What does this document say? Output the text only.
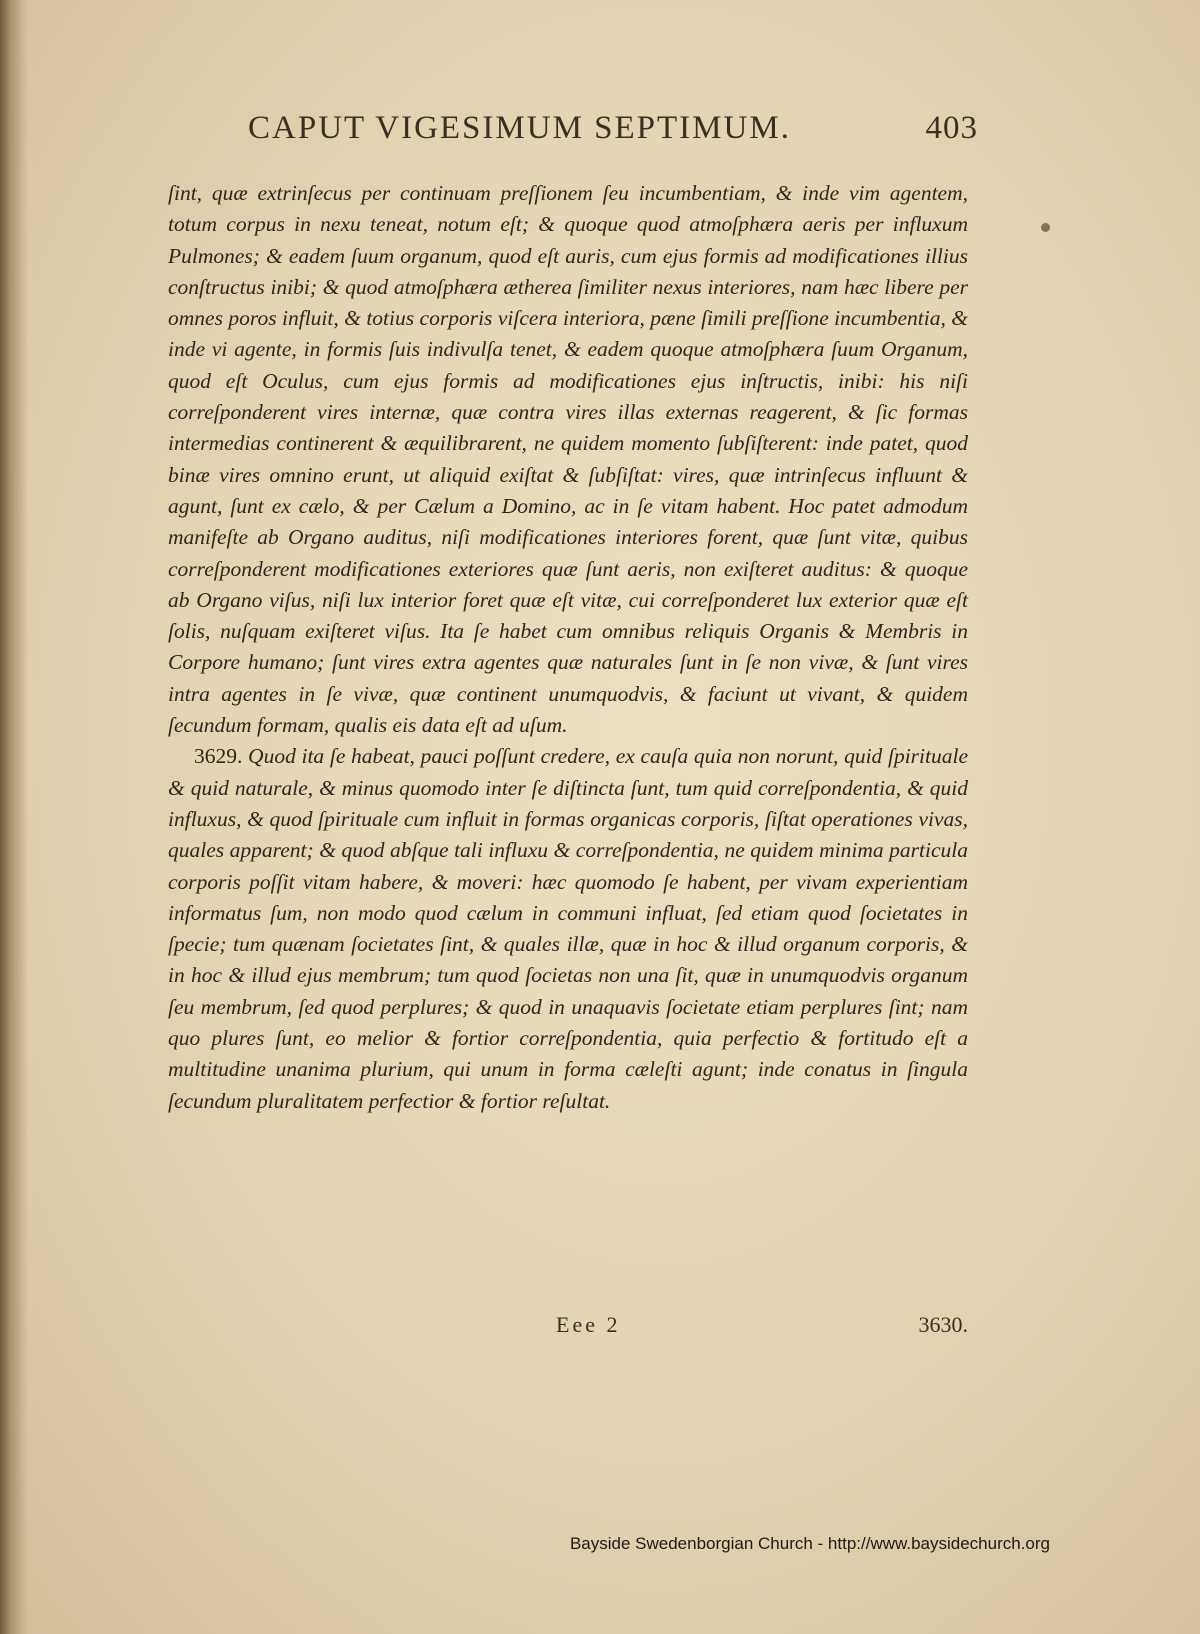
CAPUT VIGESIMUM SEPTIMUM.	403

ſint, quæ extrinſecus per continuam preſſionem ſeu incumbentiam, & inde vim agentem, totum corpus in nexu teneat, notum eſt; & quoque quod atmoſphæra aeris per influxum Pulmones; & eadem ſuum organum, quod eſt auris, cum ejus formis ad modificationes illius conſtructus inibi; & quod atmoſphæra ætherea ſimiliter nexus interiores, nam hæc libere per omnes poros influit, & totius corporis viſcera interiora, pæne ſimili preſſione incumbentia, & inde vi agente, in formis ſuis indivulſa tenet, & eadem quoque atmoſphæra ſuum Organum, quod eſt Oculus, cum ejus formis ad modificationes ejus inſtructis, inibi: his niſi correſponderent vires internæ, quæ contra vires illas externas reagerent, & ſic formas intermedias continerent & æquilibrarent, ne quidem momento ſubſiſterent: inde patet, quod binæ vires omnino erunt, ut aliquid exiſtat & ſubſiſtat: vires, quæ intrinſecus influunt & agunt, ſunt ex cælo, & per Cælum a Domino, ac in ſe vitam habent. Hoc patet admodum manifeſte ab Organo auditus, niſi modificationes interiores forent, quæ ſunt vitæ, quibus correſponderent modificationes exteriores quæ ſunt aeris, non exiſteret auditus: & quoque ab Organo viſus, niſi lux interior foret quæ eſt vitæ, cui correſponderet lux exterior quæ eſt ſolis, nuſquam exiſteret viſus. Ita ſe habet cum omnibus reliquis Organis & Membris in Corpore humano; ſunt vires extra agentes quæ naturales ſunt in ſe non vivæ, & ſunt vires intra agentes in ſe vivæ, quæ continent unumquodvis, & faciunt ut vivant, & quidem ſecundum formam, qualis eis data eſt ad uſum.

3629. Quod ita ſe habeat, pauci poſſunt credere, ex cauſa quia non norunt, quid ſpirituale & quid naturale, & minus quomodo inter ſe diſtincta ſunt, tum quid correſpondentia, & quid influxus, & quod ſpirituale cum influit in formas organicas corporis, ſiſtat operationes vivas, quales apparent; & quod abſque tali influxu & correſpondentia, ne quidem minima particula corporis poſſit vitam habere, & moveri: hæc quomodo ſe habent, per vivam experientiam informatus ſum, non modo quod cælum in communi influat, ſed etiam quod ſocietates in ſpecie; tum quænam ſocietates ſint, & quales illæ, quæ in hoc & illud organum corporis, & in hoc & illud ejus membrum; tum quod ſocietas non una ſit, quæ in unumquodvis organum ſeu membrum, ſed quod perplures; & quod in unaquavis ſocietate etiam perplures ſint; nam quo plures ſunt, eo melior & fortior correſpondentia, quia perfectio & fortitudo eſt a multitudine unanima plurium, qui unum in forma cæleſti agunt; inde conatus in ſingula ſecundum pluralitatem perfectior & fortior reſultat.

Eee 2	3630.
Bayside Swedenborgian Church - http://www.baysidechurch.org
